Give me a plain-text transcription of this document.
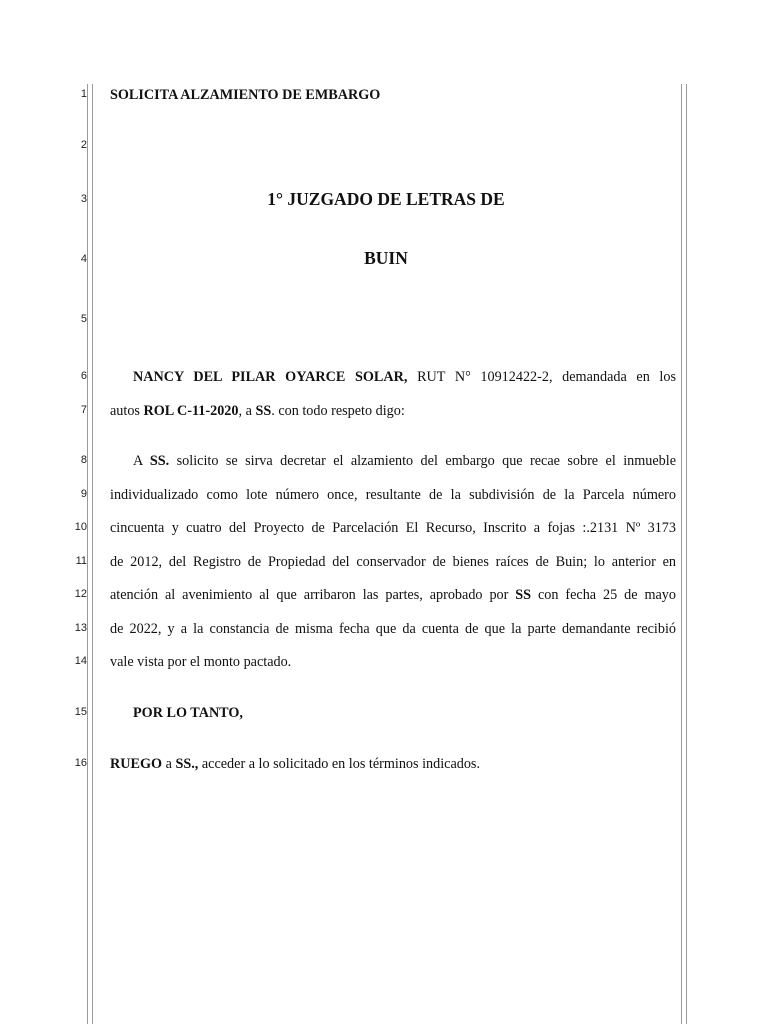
1
2
3
4
5
6
7
8
9
10
11
12
13
14
15
16
SOLICITA ALZAMIENTO DE EMBARGO
1° JUZGADO DE LETRAS DE
BUIN
NANCY DEL PILAR OYARCE SOLAR, RUT N° 10912422-2, demandada en los
autos ROL C-11-2020, a SS. con todo respeto digo:
A SS. solicito se sirva decretar el alzamiento del embargo que recae sobre el inmueble
individualizado como lote número once, resultante de la subdivisión de la Parcela número
cincuenta y cuatro del Proyecto de Parcelación El Recurso, Inscrito a fojas :.2131 Nº 3173
de 2012, del Registro de Propiedad del conservador de bienes raíces de Buin; lo anterior en
atención al avenimiento al que arribaron las partes, aprobado por SS con fecha 25 de mayo
de 2022, y a la constancia de misma fecha que da cuenta de que la parte demandante recibió
vale vista por el monto pactado.
POR LO TANTO,
RUEGO a SS., acceder a lo solicitado en los términos indicados.
